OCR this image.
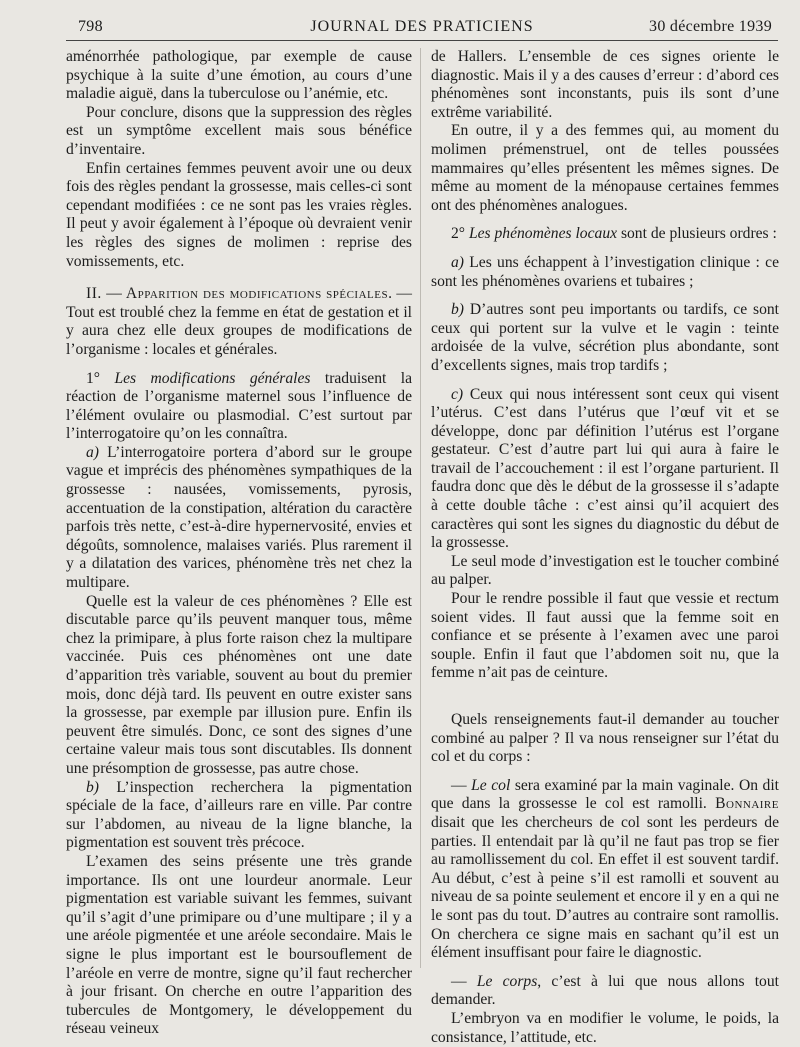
798	JOURNAL DES PRATICIENS	30 décembre 1939

aménorrhée pathologique, par exemple de cause psychique à la suite d’une émotion, au cours d’une maladie aiguë, dans la tuberculose ou l’anémie, etc.

Pour conclure, disons que la suppression des règles est un symptôme excellent mais sous bénéfice d’inventaire.

Enfin certaines femmes peuvent avoir une ou deux fois des règles pendant la grossesse, mais celles-ci sont cependant modifiées : ce ne sont pas les vraies règles. Il peut y avoir également à l’époque où devraient venir les règles des signes de molimen : reprise des vomissements, etc.

II. — Apparition des modifications spéciales. — Tout est troublé chez la femme en état de gestation et il y aura chez elle deux groupes de modifications de l’organisme : locales et générales.

1° Les modifications générales traduisent la réaction de l’organisme maternel sous l’influence de l’élément ovulaire ou plasmodial. C’est surtout par l’interrogatoire qu’on les connaîtra.

a) L’interrogatoire portera d’abord sur le groupe vague et imprécis des phénomènes sympathiques de la grossesse : nausées, vomissements, pyrosis, accentuation de la constipation, altération du caractère parfois très nette, c’est-à-dire hypernervosité, envies et dégoûts, somnolence, malaises variés. Plus rarement il y a dilatation des varices, phénomène très net chez la multipare.

Quelle est la valeur de ces phénomènes ? Elle est discutable parce qu’ils peuvent manquer tous, même chez la primipare, à plus forte raison chez la multipare vaccinée. Puis ces phénomènes ont une date d’apparition très variable, souvent au bout du premier mois, donc déjà tard. Ils peuvent en outre exister sans la grossesse, par exemple par illusion pure. Enfin ils peuvent être simulés. Donc, ce sont des signes d’une certaine valeur mais tous sont discutables. Ils donnent une présomption de grossesse, pas autre chose.

b) L’inspection recherchera la pigmentation spéciale de la face, d’ailleurs rare en ville. Par contre sur l’abdomen, au niveau de la ligne blanche, la pigmentation est souvent très précoce.

L’examen des seins présente une très grande importance. Ils ont une lourdeur anormale. Leur pigmentation est variable suivant les femmes, suivant qu’il s’agit d’une primipare ou d’une multipare ; il y a une aréole pigmentée et une aréole secondaire. Mais le signe le plus important est le boursouflement de l’aréole en verre de montre, signe qu’il faut rechercher à jour frisant. On cherche en outre l’apparition des tubercules de Montgomery, le développement du réseau veineux

de Hallers. L’ensemble de ces signes oriente le diagnostic. Mais il y a des causes d’erreur : d’abord ces phénomènes sont inconstants, puis ils sont d’une extrême variabilité.

En outre, il y a des femmes qui, au moment du molimen prémenstruel, ont de telles poussées mammaires qu’elles présentent les mêmes signes. De même au moment de la ménopause certaines femmes ont des phénomènes analogues.

2° Les phénomènes locaux sont de plusieurs ordres :

a) Les uns échappent à l’investigation clinique : ce sont les phénomènes ovariens et tubaires ;

b) D’autres sont peu importants ou tardifs, ce sont ceux qui portent sur la vulve et le vagin : teinte ardoisée de la vulve, sécrétion plus abondante, sont d’excellents signes, mais trop tardifs ;

c) Ceux qui nous intéressent sont ceux qui visent l’utérus. C’est dans l’utérus que l’œuf vit et se développe, donc par définition l’utérus est l’organe gestateur. C’est d’autre part lui qui aura à faire le travail de l’accouchement : il est l’organe parturient. Il faudra donc que dès le début de la grossesse il s’adapte à cette double tâche : c’est ainsi qu’il acquiert des caractères qui sont les signes du diagnostic du début de la grossesse.

Le seul mode d’investigation est le toucher combiné au palper.

Pour le rendre possible il faut que vessie et rectum soient vides. Il faut aussi que la femme soit en confiance et se présente à l’examen avec une paroi souple. Enfin il faut que l’abdomen soit nu, que la femme n’ait pas de ceinture.

Quels renseignements faut-il demander au toucher combiné au palper ? Il va nous renseigner sur l’état du col et du corps :

— Le col sera examiné par la main vaginale. On dit que dans la grossesse le col est ramolli. Bonnaire disait que les chercheurs de col sont les perdeurs de parties. Il entendait par là qu’il ne faut pas trop se fier au ramollissement du col. En effet il est souvent tardif. Au début, c’est à peine s’il est ramolli et souvent au niveau de sa pointe seulement et encore il y en a qui ne le sont pas du tout. D’autres au contraire sont ramollis. On cherchera ce signe mais en sachant qu’il est un élément insuffisant pour faire le diagnostic.

— Le corps, c’est à lui que nous allons tout demander.

L’embryon va en modifier le volume, le poids, la consistance, l’attitude, etc.
